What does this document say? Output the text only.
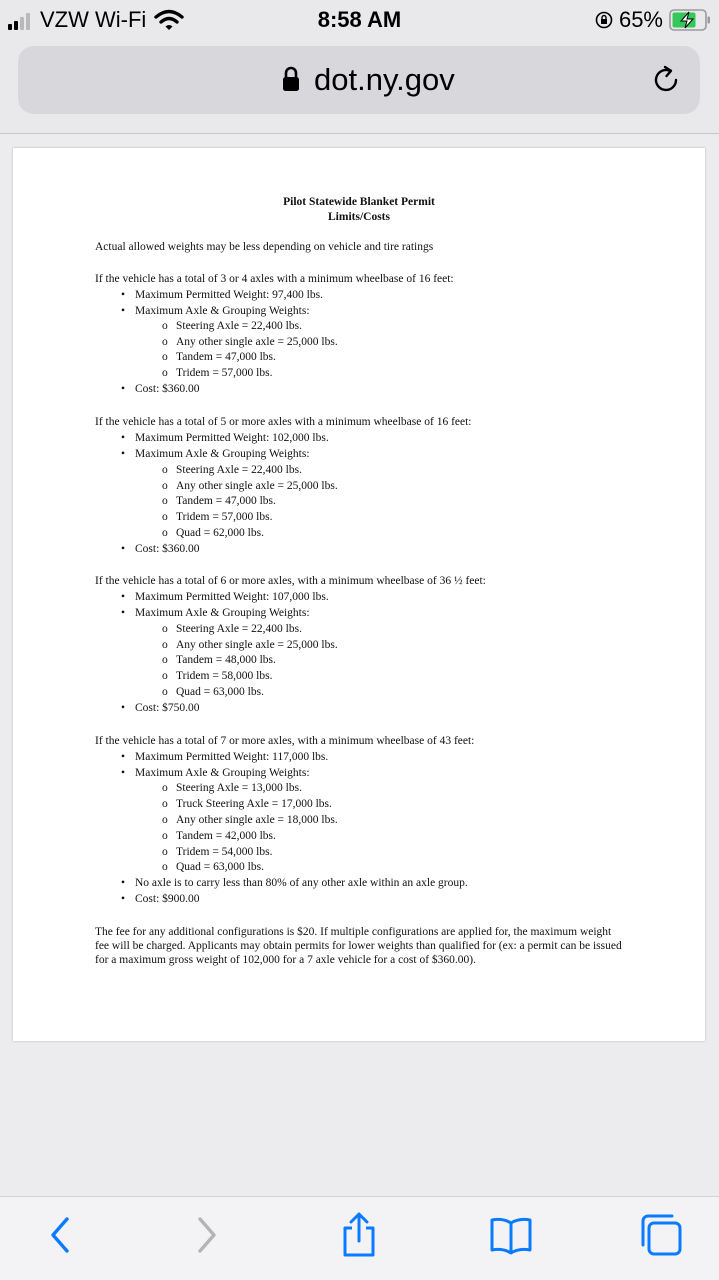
VZW Wi-Fi	8:58 AM	65%
dot.ny.gov
Pilot Statewide Blanket Permit
Limits/Costs
Actual allowed weights may be less depending on vehicle and tire ratings
If the vehicle has a total of 3 or 4 axles with a minimum wheelbase of 16 feet:
• Maximum Permitted Weight: 97,400 lbs.
• Maximum Axle & Grouping Weights:
o Steering Axle = 22,400 lbs.
o Any other single axle = 25,000 lbs.
o Tandem = 47,000 lbs.
o Tridem = 57,000 lbs.
• Cost: $360.00
If the vehicle has a total of 5 or more axles with a minimum wheelbase of 16 feet:
• Maximum Permitted Weight: 102,000 lbs.
• Maximum Axle & Grouping Weights:
o Steering Axle = 22,400 lbs.
o Any other single axle = 25,000 lbs.
o Tandem = 47,000 lbs.
o Tridem = 57,000 lbs.
o Quad = 62,000 lbs.
• Cost: $360.00
If the vehicle has a total of 6 or more axles, with a minimum wheelbase of 36 ½ feet:
• Maximum Permitted Weight: 107,000 lbs.
• Maximum Axle & Grouping Weights:
o Steering Axle = 22,400 lbs.
o Any other single axle = 25,000 lbs.
o Tandem = 48,000 lbs.
o Tridem = 58,000 lbs.
o Quad = 63,000 lbs.
• Cost: $750.00
If the vehicle has a total of 7 or more axles, with a minimum wheelbase of 43 feet:
• Maximum Permitted Weight: 117,000 lbs.
• Maximum Axle & Grouping Weights:
o Steering Axle = 13,000 lbs.
o Truck Steering Axle = 17,000 lbs.
o Any other single axle = 18,000 lbs.
o Tandem = 42,000 lbs.
o Tridem = 54,000 lbs.
o Quad = 63,000 lbs.
• No axle is to carry less than 80% of any other axle within an axle group.
• Cost: $900.00
The fee for any additional configurations is $20. If multiple configurations are applied for, the maximum weight fee will be charged. Applicants may obtain permits for lower weights than qualified for (ex: a permit can be issued for a maximum gross weight of 102,000 for a 7 axle vehicle for a cost of $360.00).
